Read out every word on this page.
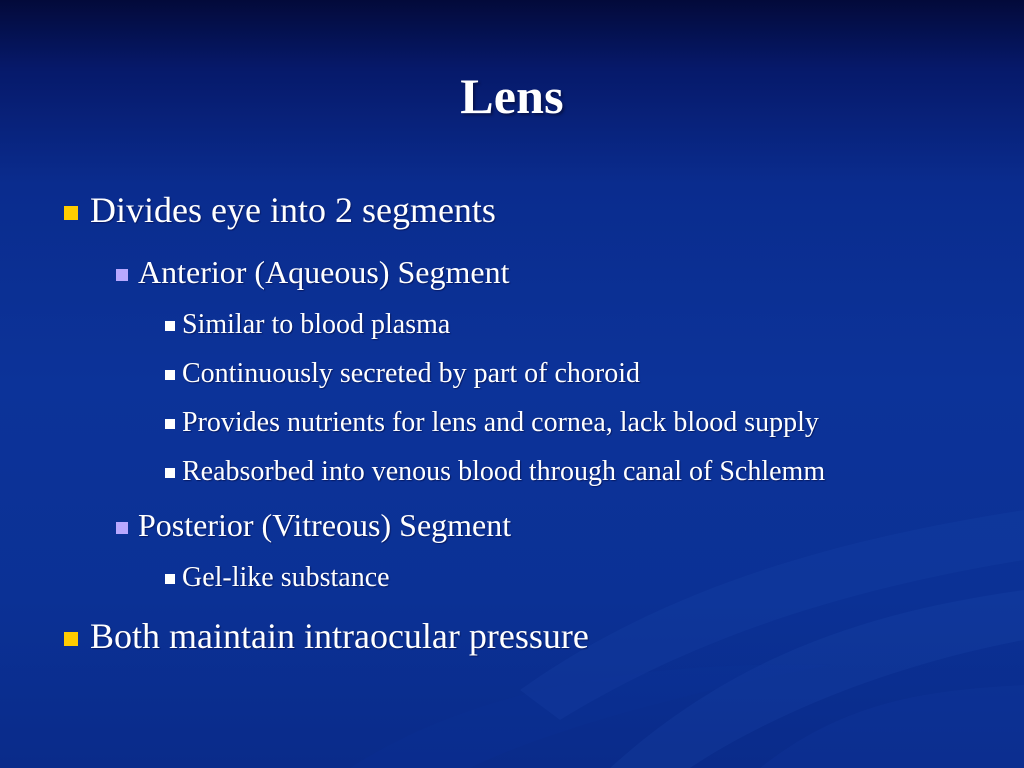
Lens
Divides eye into 2 segments
Anterior (Aqueous) Segment
Similar to blood plasma
Continuously secreted by part of choroid
Provides nutrients for lens and cornea, lack blood supply
Reabsorbed into venous blood through canal of Schlemm
Posterior (Vitreous) Segment
Gel-like substance
Both maintain intraocular pressure
